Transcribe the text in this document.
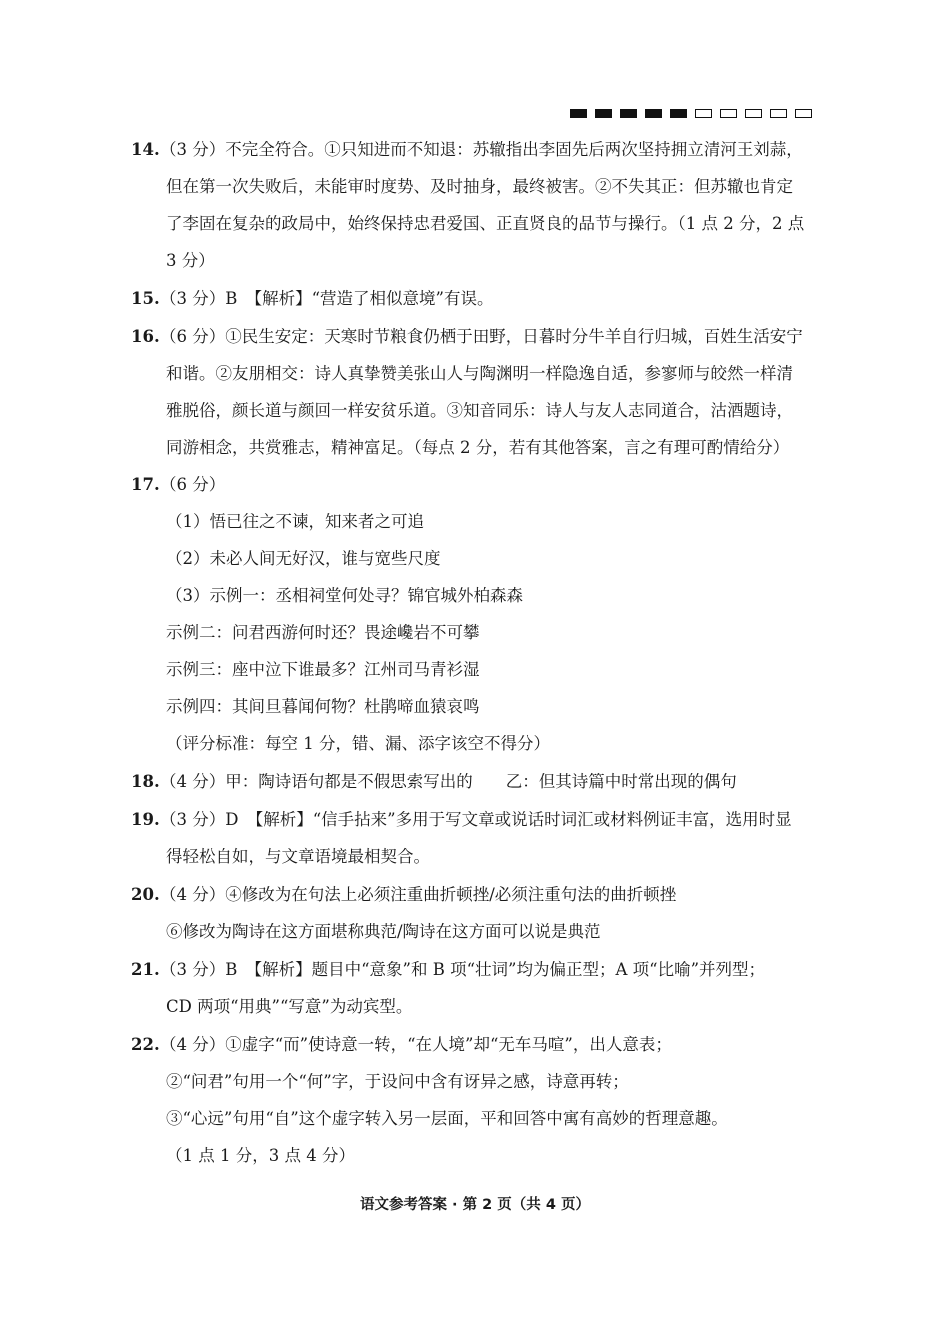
14. （3 分）不完全符合。①只知进而不知退：苏辙指出李固先后两次坚持拥立清河王刘蒜，
但在第一次失败后，未能审时度势、及时抽身，最终被害。②不失其正：但苏辙也肯定
了李固在复杂的政局中，始终保持忠君爱国、正直贤良的品节与操行。（1 点 2 分，2 点
3 分）
15. （3 分）B　【解析】“营造了相似意境”有误。
16. （6 分）①民生安定：天寒时节粮食仍栖于田野，日暮时分牛羊自行归城，百姓生活安宁
和谐。②友朋相交：诗人真挚赞美张山人与陶渊明一样隐逸自适，参寥师与皎然一样清
雅脱俗，颜长道与颜回一样安贫乐道。③知音同乐：诗人与友人志同道合，沽酒题诗，
同游相念，共赏雅志，精神富足。（每点 2 分，若有其他答案，言之有理可酌情给分）
17. （6 分）
（1）悟已往之不谏，知来者之可追
（2）未必人间无好汉，谁与宽些尺度
（3）示例一：丞相祠堂何处寻？锦官城外柏森森
示例二：问君西游何时还？畏途巉岩不可攀
示例三：座中泣下谁最多？江州司马青衫湿
示例四：其间旦暮闻何物？杜鹃啼血猿哀鸣
（评分标准：每空 1 分，错、漏、添字该空不得分）
18. （4 分）甲：陶诗语句都是不假思索写出的　　乙：但其诗篇中时常出现的偶句
19. （3 分）D　【解析】“信手拈来”多用于写文章或说话时词汇或材料例证丰富，选用时显
得轻松自如，与文章语境最相契合。
20. （4 分）④修改为在句法上必须注重曲折顿挫/必须注重句法的曲折顿挫
⑥修改为陶诗在这方面堪称典范/陶诗在这方面可以说是典范
21. （3 分）B　【解析】题目中“意象”和 B 项“壮词”均为偏正型；A 项“比喻”并列型；
CD 两项“用典”“写意”为动宾型。
22. （4 分）①虚字“而”使诗意一转，“在人境”却“无车马喧”，出人意表；
②“问君”句用一个“何”字，于设问中含有讶异之感，诗意再转；
③“心远”句用“自”这个虚字转入另一层面，平和回答中寓有高妙的哲理意趣。
（1 点 1 分，3 点 4 分）
语文参考答案 · 第 2 页（共 4 页）
